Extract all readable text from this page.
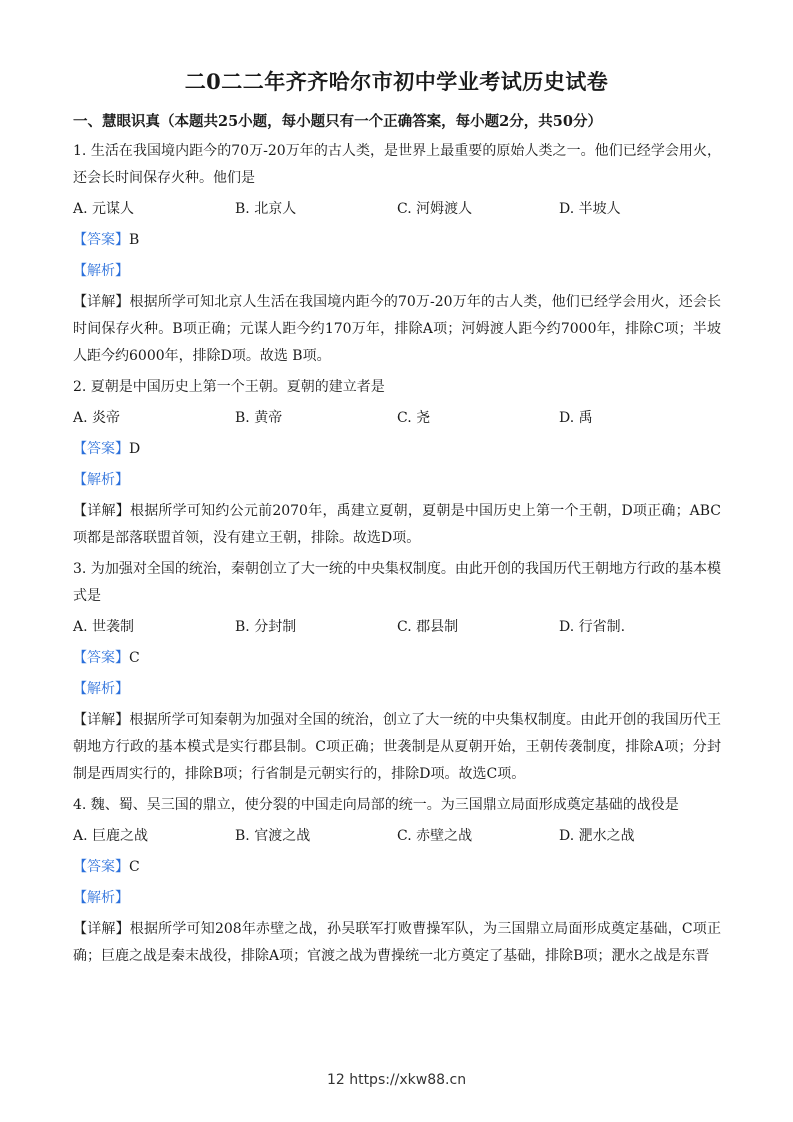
二0二二年齐齐哈尔市初中学业考试历史试卷
一、慧眼识真（本题共25小题，每小题只有一个正确答案，每小题2分，共50分）
1. 生活在我国境内距今的70万-20万年的古人类，是世界上最重要的原始人类之一。他们已经学会用火，还会长时间保存火种。他们是
A. 元谋人	B. 北京人	C. 河姆渡人	D. 半坡人
【答案】B
【解析】
【详解】根据所学可知北京人生活在我国境内距今的70万-20万年的古人类，他们已经学会用火，还会长时间保存火种。B项正确；元谋人距今约170万年，排除A项；河姆渡人距今约7000年，排除C项；半坡人距今约6000年，排除D项。故选 B项。
2. 夏朝是中国历史上第一个王朝。夏朝的建立者是
A. 炎帝	B. 黄帝	C. 尧	D. 禹
【答案】D
【解析】
【详解】根据所学可知约公元前2070年，禹建立夏朝，夏朝是中国历史上第一个王朝，D项正确；ABC项都是部落联盟首领，没有建立王朝，排除。故选D项。
3. 为加强对全国的统治，秦朝创立了大一统的中央集权制度。由此开创的我国历代王朝地方行政的基本模式是
A. 世袭制	B. 分封制	C. 郡县制	D. 行省制.
【答案】C
【解析】
【详解】根据所学可知秦朝为加强对全国的统治，创立了大一统的中央集权制度。由此开创的我国历代王朝地方行政的基本模式是实行郡县制。C项正确；世袭制是从夏朝开始，王朝传袭制度，排除A项；分封制是西周实行的，排除B项；行省制是元朝实行的，排除D项。故选C项。
4. 魏、蜀、吴三国的鼎立，使分裂的中国走向局部的统一。为三国鼎立局面形成奠定基础的战役是
A. 巨鹿之战	B. 官渡之战	C. 赤壁之战	D. 淝水之战
【答案】C
【解析】
【详解】根据所学可知208年赤壁之战，孙吴联军打败曹操军队，为三国鼎立局面形成奠定基础，C项正确；巨鹿之战是秦末战役，排除A项；官渡之战为曹操统一北方奠定了基础，排除B项；淝水之战是东晋
12 https://xkw88.cn
